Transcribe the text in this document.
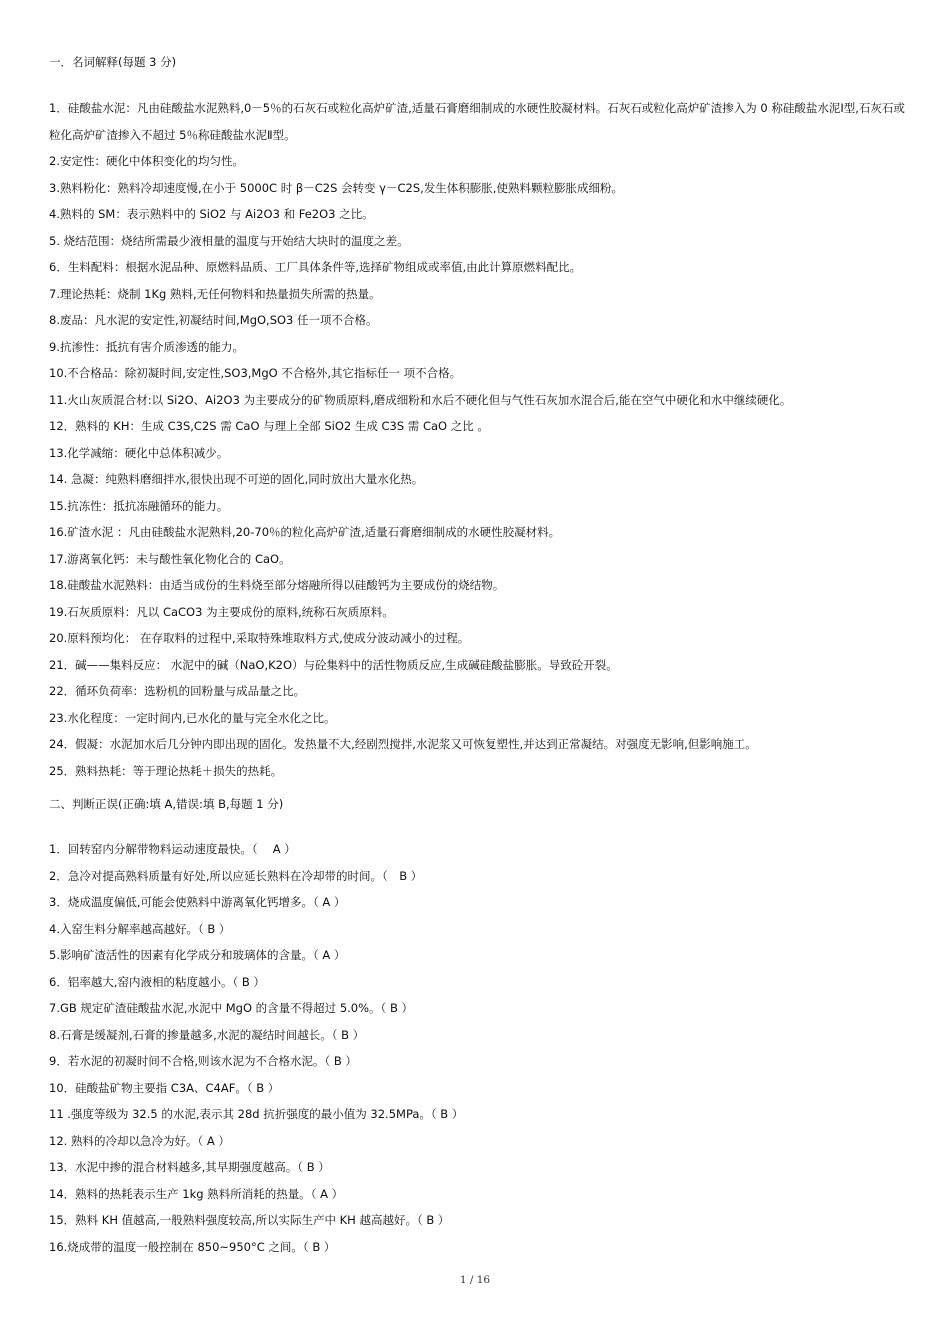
一．名词解释(每题 3 分)

1．硅酸盐水泥：凡由硅酸盐水泥熟料,0－5％的石灰石或粒化高炉矿渣,适量石膏磨细制成的水硬性胶凝材料。石灰石或粒化高炉矿渣掺入为 0 称硅酸盐水泥Ⅰ型,石灰石或粒化高炉矿渣掺入不超过 5％称硅酸盐水泥Ⅱ型。

2.安定性：硬化中体积变化的均匀性。

3.熟料粉化：熟料冷却速度慢,在小于 5000C 时 β－C2S 会转变 γ－C2S,发生体积膨胀,使熟料颗粒膨胀成细粉。

4.熟料的 SM：表示熟料中的 SiO2 与 Ai2O3 和 Fe2O3 之比。

5. 烧结范围：烧结所需最少液相量的温度与开始结大块时的温度之差。

6．生料配料：根据水泥品种、原燃料品质、工厂具体条件等,选择矿物组成或率值,由此计算原燃料配比。

7.理论热耗：烧制 1Kg 熟料,无任何物料和热量损失所需的热量。

8.废品：凡水泥的安定性,初凝结时间,MgO,SO3 任一项不合格。

9.抗渗性：抵抗有害介质渗透的能力。

10.不合格品：除初凝时间,安定性,SO3,MgO 不合格外,其它指标任一 项不合格。

11.火山灰质混合材:以 Si2O、Ai2O3 为主要成分的矿物质原料,磨成细粉和水后不硬化但与气性石灰加水混合后,能在空气中硬化和水中继续硬化。

12．熟料的 KH：生成 C3S,C2S 需 CaO 与理上全部 SiO2 生成 C3S 需 CaO 之比 。

13.化学减缩：硬化中总体积减少。

14. 急凝：纯熟料磨细拌水,很快出现不可逆的固化,同时放出大量水化热。

15.抗冻性：抵抗冻融循环的能力。

16.矿渣水泥 ：凡由硅酸盐水泥熟料,20-70％的粒化高炉矿渣,适量石膏磨细制成的水硬性胶凝材料。

17.游离氧化钙：未与酸性氧化物化合的 CaO。

18.硅酸盐水泥熟料：由适当成份的生料烧至部分熔融所得以硅酸钙为主要成份的烧结物。

19.石灰质原料：凡以 CaCO3 为主要成份的原料,统称石灰质原料。

20.原料预均化： 在存取料的过程中,采取特殊堆取料方式,使成分波动减小的过程。

21．碱——集料反应： 水泥中的碱（NaO,K2O）与砼集料中的活性物质反应,生成碱硅酸盐膨胀。导致砼开裂。

22．循环负荷率：选粉机的回粉量与成品量之比。

23.水化程度：一定时间内,已水化的量与完全水化之比。

24．假凝：水泥加水后几分钟内即出现的固化。发热量不大,经剧烈搅拌,水泥浆又可恢复塑性,并达到正常凝结。对强度无影响,但影响施工。

25．熟料热耗：等于理论热耗＋损失的热耗。

二、判断正误(正确:填 A,错误:填 B,每题 1 分)

1．回转窑内分解带物料运动速度最快。（　 A ）

2．急冷对提高熟料质量有好处,所以应延长熟料在冷却带的时间。（　B ）

3．烧成温度偏低,可能会使熟料中游离氧化钙增多。（ A ）

4.入窑生料分解率越高越好。（ B ）

5.影响矿渣活性的因素有化学成分和玻璃体的含量。（ A ）

6．铝率越大,窑内液相的粘度越小。（ B ）

7.GB 规定矿渣硅酸盐水泥,水泥中 MgO 的含量不得超过 5.0%。（ B ）

8.石膏是缓凝剂,石膏的掺量越多,水泥的凝结时间越长。（ B ）

9．若水泥的初凝时间不合格,则该水泥为不合格水泥。（ B ）

10．硅酸盐矿物主要指 C3A、C4AF。（ B ）

11 .强度等级为 32.5 的水泥,表示其 28d 抗折强度的最小值为 32.5MPa。（ B ）

12. 熟料的冷却以急冷为好。（ A ）

13．水泥中掺的混合材料越多,其早期强度越高。（ B ）

14．熟料的热耗表示生产 1kg 熟料所消耗的热量。（ A ）

15．熟料 KH 值越高,一般熟料强度较高,所以实际生产中 KH 越高越好。（ B ）

16.烧成带的温度一般控制在 850~950°C 之间。（ B ）

1 / 16
